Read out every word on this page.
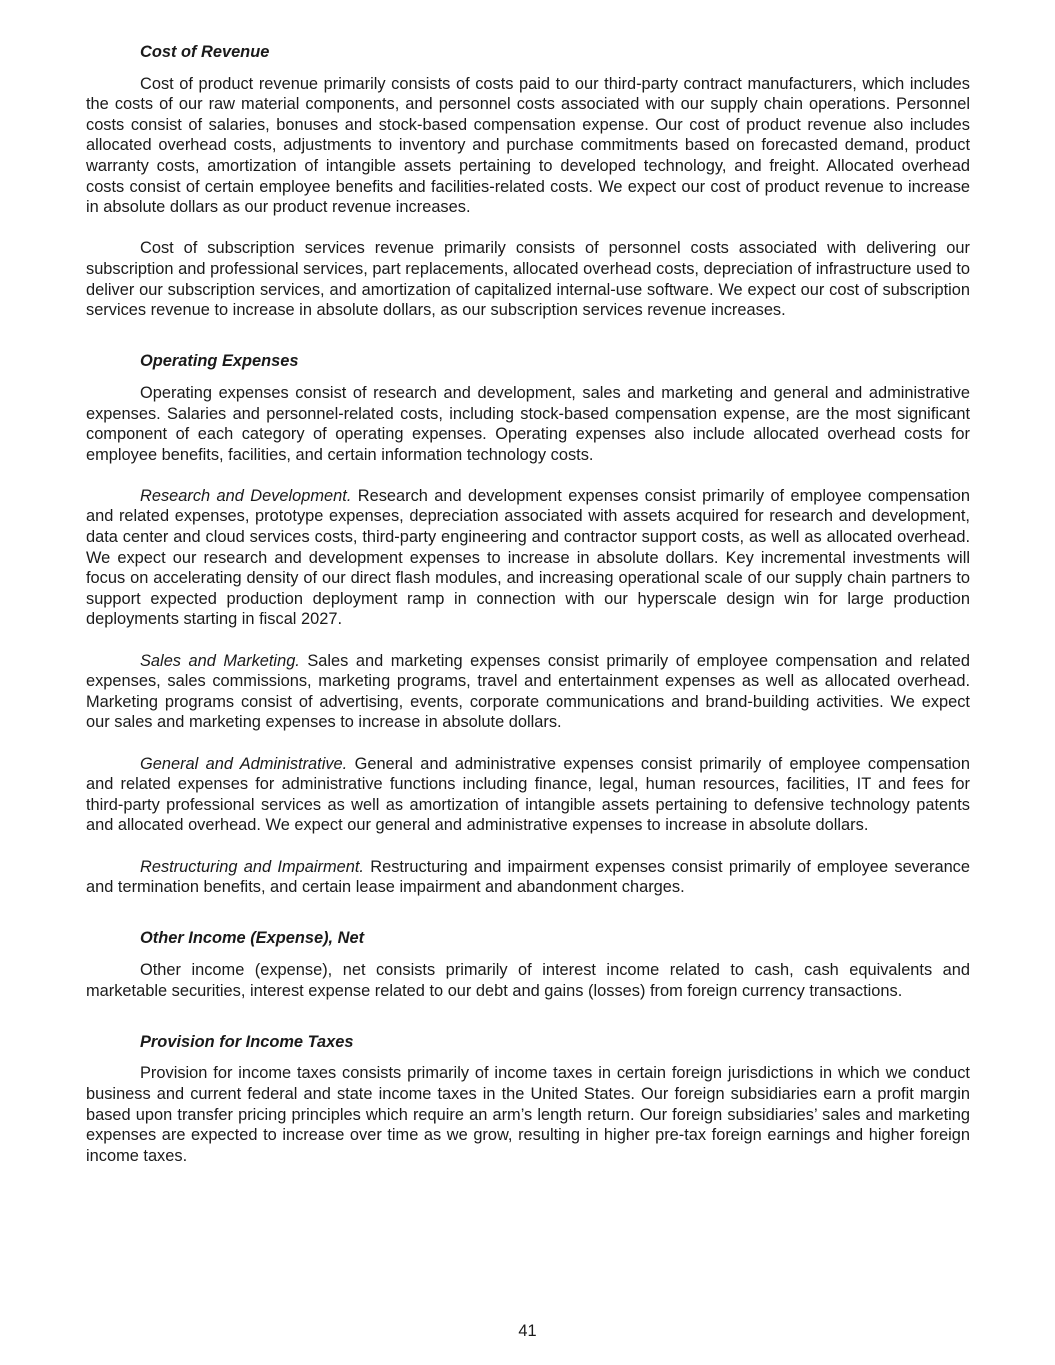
Cost of Revenue

Cost of product revenue primarily consists of costs paid to our third-party contract manufacturers, which includes the costs of our raw material components, and personnel costs associated with our supply chain operations. Personnel costs consist of salaries, bonuses and stock-based compensation expense. Our cost of product revenue also includes allocated overhead costs, adjustments to inventory and purchase commitments based on forecasted demand, product warranty costs, amortization of intangible assets pertaining to developed technology, and freight. Allocated overhead costs consist of certain employee benefits and facilities-related costs. We expect our cost of product revenue to increase in absolute dollars as our product revenue increases.

Cost of subscription services revenue primarily consists of personnel costs associated with delivering our subscription and professional services, part replacements, allocated overhead costs, depreciation of infrastructure used to deliver our subscription services, and amortization of capitalized internal-use software. We expect our cost of subscription services revenue to increase in absolute dollars, as our subscription services revenue increases.

Operating Expenses

Operating expenses consist of research and development, sales and marketing and general and administrative expenses. Salaries and personnel-related costs, including stock-based compensation expense, are the most significant component of each category of operating expenses. Operating expenses also include allocated overhead costs for employee benefits, facilities, and certain information technology costs.

Research and Development. Research and development expenses consist primarily of employee compensation and related expenses, prototype expenses, depreciation associated with assets acquired for research and development, data center and cloud services costs, third-party engineering and contractor support costs, as well as allocated overhead. We expect our research and development expenses to increase in absolute dollars. Key incremental investments will focus on accelerating density of our direct flash modules, and increasing operational scale of our supply chain partners to support expected production deployment ramp in connection with our hyperscale design win for large production deployments starting in fiscal 2027.

Sales and Marketing. Sales and marketing expenses consist primarily of employee compensation and related expenses, sales commissions, marketing programs, travel and entertainment expenses as well as allocated overhead. Marketing programs consist of advertising, events, corporate communications and brand-building activities. We expect our sales and marketing expenses to increase in absolute dollars.

General and Administrative. General and administrative expenses consist primarily of employee compensation and related expenses for administrative functions including finance, legal, human resources, facilities, IT and fees for third-party professional services as well as amortization of intangible assets pertaining to defensive technology patents and allocated overhead. We expect our general and administrative expenses to increase in absolute dollars.

Restructuring and Impairment. Restructuring and impairment expenses consist primarily of employee severance and termination benefits, and certain lease impairment and abandonment charges.

Other Income (Expense), Net

Other income (expense), net consists primarily of interest income related to cash, cash equivalents and marketable securities, interest expense related to our debt and gains (losses) from foreign currency transactions.

Provision for Income Taxes

Provision for income taxes consists primarily of income taxes in certain foreign jurisdictions in which we conduct business and current federal and state income taxes in the United States. Our foreign subsidiaries earn a profit margin based upon transfer pricing principles which require an arm’s length return. Our foreign subsidiaries’ sales and marketing expenses are expected to increase over time as we grow, resulting in higher pre-tax foreign earnings and higher foreign income taxes.

41
